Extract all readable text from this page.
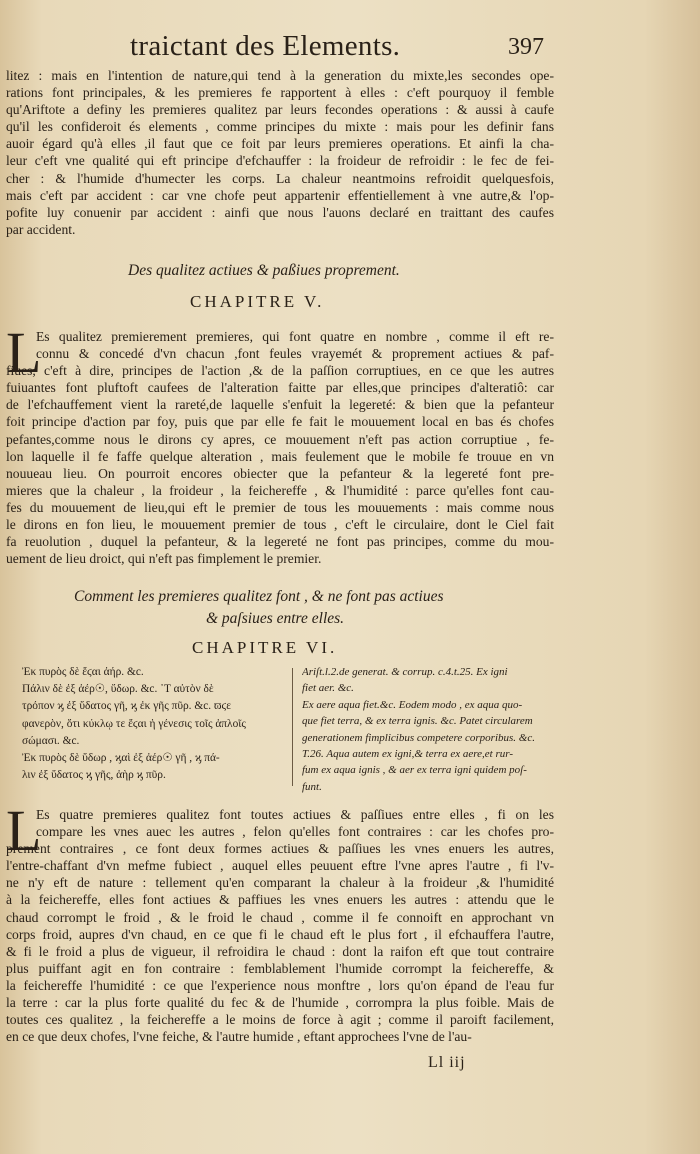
traictant des Elements.	397
litez : mais en l'intention de nature,qui tend à la generation du mixte,les secondes ope-
rations font principales, & les premieres fe rapportent à elles : c'eft pourquoy il femble
qu'Ariftote a definy les premieres qualitez par leurs fecondes operations : & aussi à caufe
qu'il les confideroit és elements , comme principes du mixte : mais pour les definir fans
auoir égard qu'à elles ,il faut que ce foit par leurs premieres operations. Et ainfi la cha-
leur c'eft vne qualité qui eft principe d'efchauffer : la froideur de refroidir : le fec de fei-
cher : & l'humide d'humecter les corps. La chaleur neantmoins refroidit quelquesfois,
mais c'eft par accident : car vne chofe peut appartenir effentiellement à vne autre,& l'op-
pofite luy conuenir par accident : ainfi que nous l'auons declaré en traittant des caufes
par accident.
Des qualitez actiues & paßiues proprement.
CHAPITRE V.
L
Es qualitez premierement premieres, qui font quatre en nombre , comme il eft re-
connu & concedé d'vn chacun ,font feules vrayemét & proprement actiues & paf-
fiues, c'eft à dire, principes de l'action ,& de la paſſion corruptiues, en ce que les autres
fuiuantes font pluftoft caufees de l'alteration faitte par elles,que principes d'alteratiô: car
de l'efchauffement vient la rareté,de laquelle s'enfuit la legereté: & bien que la pefanteur
foit principe d'action par foy, puis que par elle fe fait le mouuement local en bas és chofes
pefantes,comme nous le dirons cy apres, ce mouuement n'eft pas action corruptiue , fe-
lon laquelle il fe faffe quelque alteration , mais feulement que le mobile fe trouue en vn
nouueau lieu. On pourroit encores obiecter que la pefanteur & la legereté font pre-
mieres que la chaleur , la froideur , la feichereffe , & l'humidité : parce qu'elles font cau-
fes du mouuement de lieu,qui eft le premier de tous les mouuements : mais comme nous
le dirons en fon lieu, le mouuement premier de tous , c'eft le circulaire, dont le Ciel fait
fa reuolution , duquel la pefanteur, & la legereté ne font pas principes, comme du mou-
uement de lieu droict, qui n'eft pas fimplement le premier.
Comment les premieres qualitez font , & ne font pas actiues
& paſsiues entre elles.
CHAPITRE VI.
Ἐκ πυρὸς δὲ ἔϛαι ἀήρ. &c.
Πάλιν δὲ ἐξ ἀέρ☉, ὕδωρ. &c. ᾽Τ αὐτὸν δὲ
τρόπον ϗ ἐξ ὕδατος γῆ, ϗ ἐκ γῆς πῦρ. &c. ϖϛε
φανερὸν, ὅτι κύκλῳ τε ἔϛαι ἡ γένεσις τοῖς ἁπλοῖς
σώμασι. &c.
Ἐκ πυρὸς δὲ ὕδωρ , ϗαὶ ἐξ ἀέρ☉ γῆ , ϗ πά-
λιν ἐξ ὕδατος ϗ γῆς, ἀὴρ ϗ πῦρ.
Ariſt.l.2.de generat. & corrup. c.4.t.25. Ex igni
fiet aer. &c.
Ex aere aqua fiet.&c. Eodem modo , ex aqua quo-
que fiet terra, & ex terra ignis. &c. Patet circularem
generationem fimplicibus competere corporibus. &c.
T.26. Aqua autem ex igni,& terra ex aere,et rur-
fum ex aqua ignis , & aer ex terra igni quidem poſ-
funt.
L
Es quatre premieres qualitez font toutes actiues & paſſiues entre elles , fi on les
compare les vnes auec les autres , felon qu'elles font contraires : car les chofes pro-
prement contraires , ce font deux formes actiues & paſſiues les vnes enuers les autres,
l'entre-chaffant d'vn mefme fubiect , auquel elles peuuent eftre l'vne apres l'autre , fi l'v-
ne n'y eft de nature : tellement qu'en comparant la chaleur à la froideur ,& l'humidité
à la feichereffe, elles font actiues & paffiues les vnes enuers les autres : attendu que le
chaud corrompt le froid , & le froid le chaud , comme il fe connoift en approchant vn
corps froid, aupres d'vn chaud, en ce que fi le chaud eft le plus fort , il efchauffera l'autre,
& fi le froid a plus de vigueur, il refroidira le chaud : dont la raifon eft que tout contraire
plus puiffant agit en fon contraire : femblablement l'humide corrompt la feichereffe, &
la feichereffe l'humidité : ce que l'experience nous monftre , lors qu'on épand de l'eau fur
la terre : car la plus forte qualité du fec & de l'humide , corrompra la plus foible. Mais de
toutes ces qualitez , la feichereffe a le moins de force à agit ; comme il paroift facilement,
en ce que deux chofes, l'vne feiche, & l'autre humide , eftant approchees l'vne de l'au-
Ll iij
